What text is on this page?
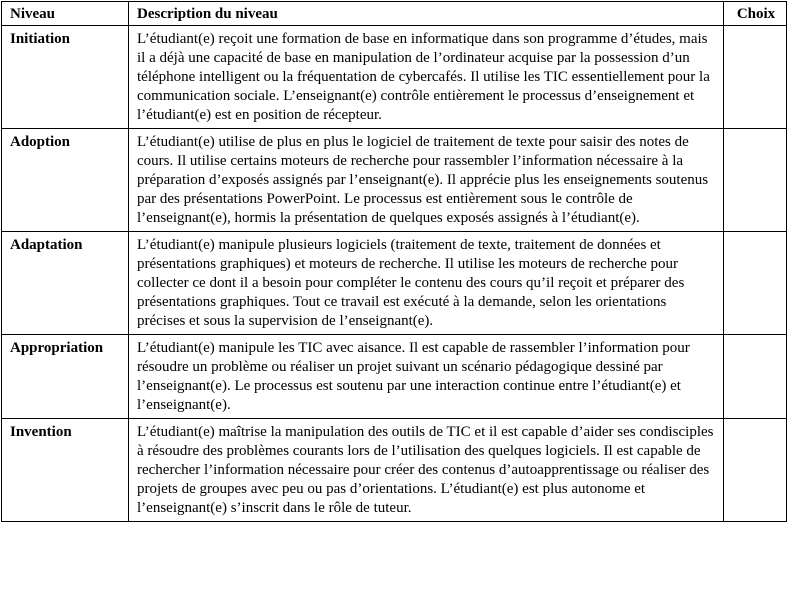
Niveau	Description du niveau	Choix
Initiation	L’étudiant(e) reçoit une formation de base en informatique dans son programme d’études, mais il a déjà une capacité de base en manipulation de l’ordinateur acquise par la possession d’un téléphone intelligent ou la fréquentation de cybercafés. Il utilise les TIC essentiellement pour la communication sociale. L’enseignant(e) contrôle entièrement le processus d’enseignement et l’étudiant(e) est en position de récepteur.	
Adoption	L’étudiant(e) utilise de plus en plus le logiciel de traitement de texte pour saisir des notes de cours. Il utilise certains moteurs de recherche pour rassembler l’information nécessaire à la préparation d’exposés assignés par l’enseignant(e). Il apprécie plus les enseignements soutenus par des présentations PowerPoint. Le processus est entièrement sous le contrôle de l’enseignant(e), hormis la présentation de quelques exposés assignés à l’étudiant(e).	
Adaptation	L’étudiant(e) manipule plusieurs logiciels (traitement de texte, traitement de données et présentations graphiques) et moteurs de recherche. Il utilise les moteurs de recherche pour collecter ce dont il a besoin pour compléter le contenu des cours qu’il reçoit et préparer des présentations graphiques. Tout ce travail est exécuté à la demande, selon les orientations précises et sous la supervision de l’enseignant(e).	
Appropriation	L’étudiant(e) manipule les TIC avec aisance. Il est capable de rassembler l’information pour résoudre un problème ou réaliser un projet suivant un scénario pédagogique dessiné par l’enseignant(e). Le processus est soutenu par une interaction continue entre l’étudiant(e) et l’enseignant(e).	
Invention	L’étudiant(e) maîtrise la manipulation des outils de TIC et il est capable d’aider ses condisciples à résoudre des problèmes courants lors de l’utilisation des quelques logiciels. Il est capable de rechercher l’information nécessaire pour créer des contenus d’autoapprentissage ou réaliser des projets de groupes avec peu ou pas d’orientations. L’étudiant(e) est plus autonome et l’enseignant(e) s’inscrit dans le rôle de tuteur.	
